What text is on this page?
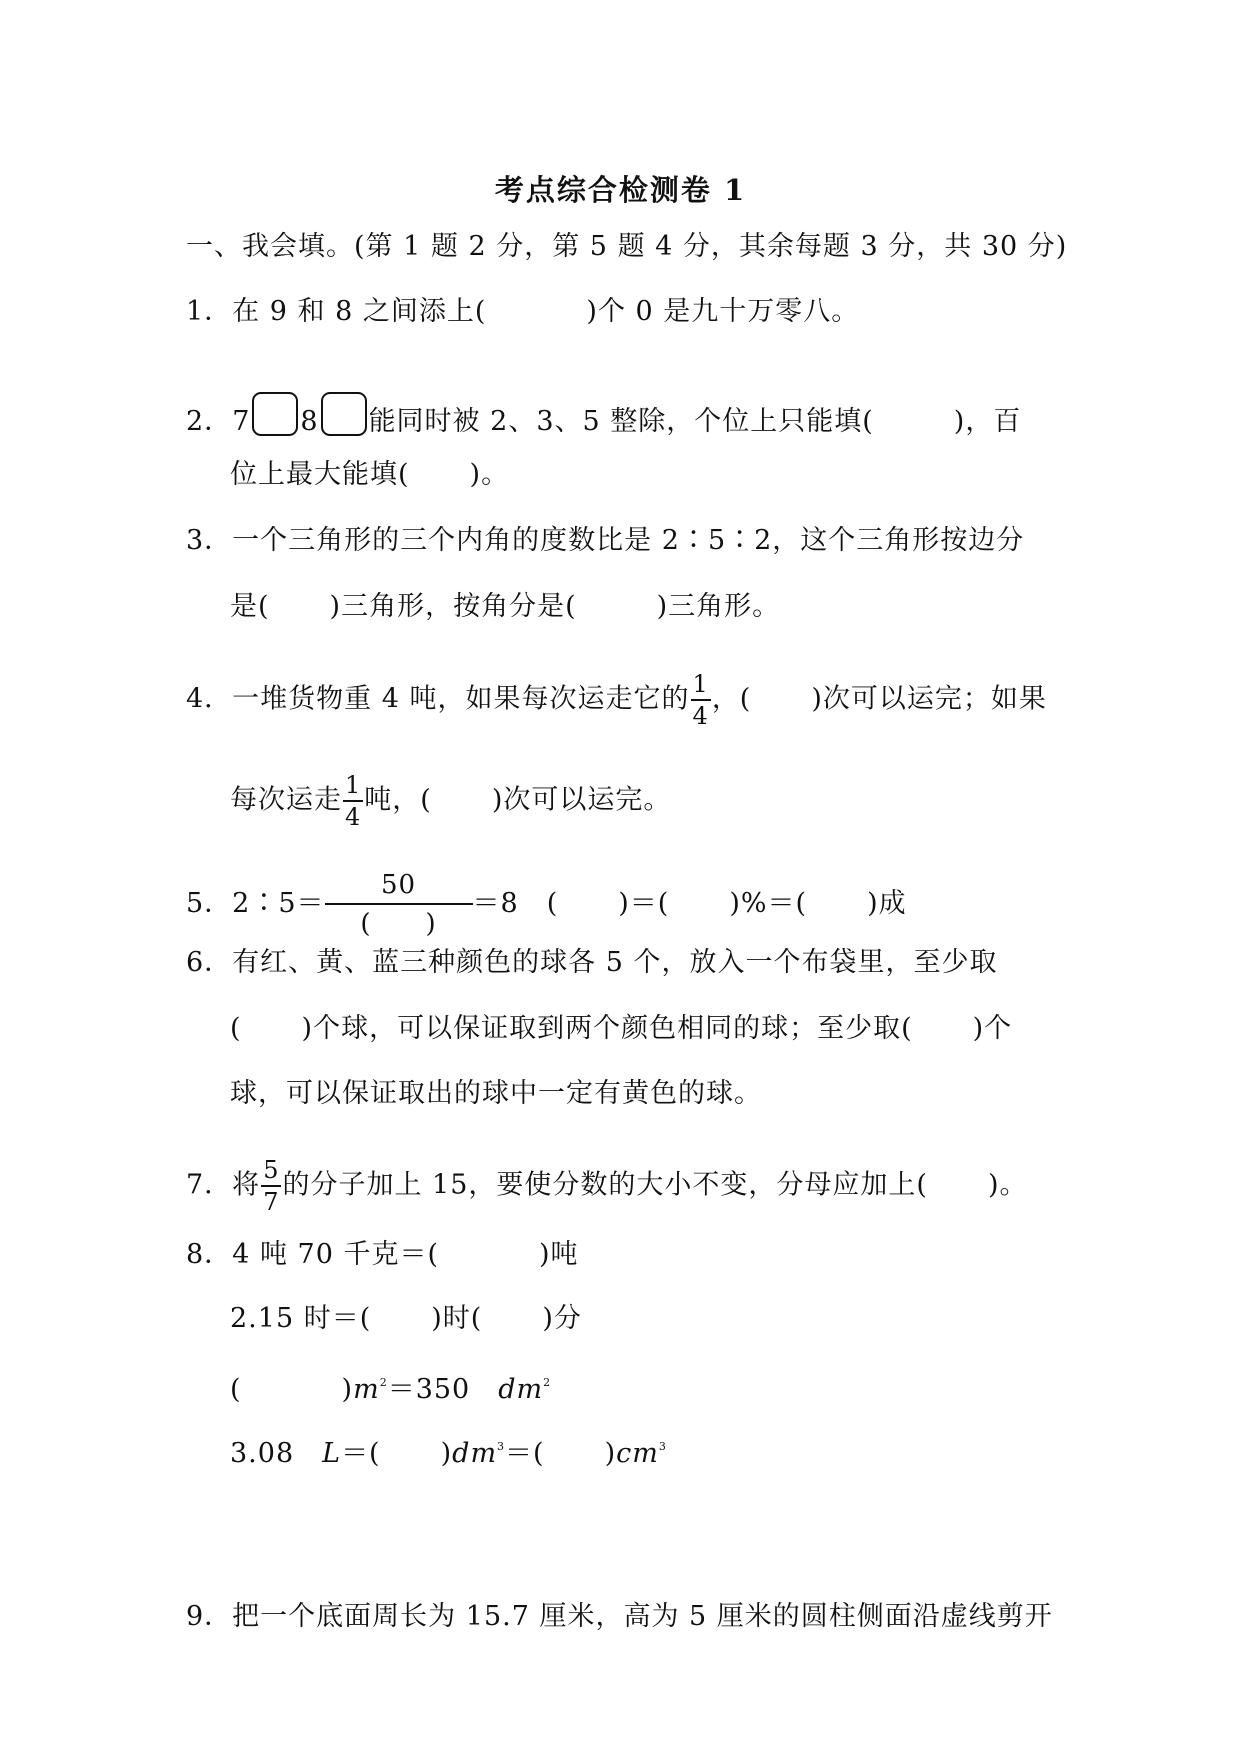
考点综合检测卷 1
一、我会填。(第 1 题 2 分，第 5 题 4 分，其余每题 3 分，共 30 分)
1．在 9 和 8 之间添上(	)个 0 是九十万零八。
2．7 8 能同时被 2、3、5 整除，个位上只能填(	)，百
位上最大能填( )。
3．一个三角形的三个内角的度数比是 2∶5∶2，这个三角形按边分
是( )三角形，按角分是(	)三角形。
4．一堆货物重 4 吨，如果每次运走它的 $\frac{1}{4}$ ，( )次可以运完；如果
每次运走 $\frac{1}{4}$ 吨，( )次可以运完。
5．2∶5＝ $\frac{50}{( )} =8$　( )＝( )%＝( )成
6．有红、黄、蓝三种颜色的球各 5 个，放入一个布袋里，至少取
( )个球，可以保证取到两个颜色相同的球；至少取( )个
球，可以保证取出的球中一定有黄色的球。
7．将 $\frac{5}{7}$ 的分子加上 15，要使分数的大小不变，分母应加上( )。
8．4 吨 70 千克＝(	)吨
2.15 时＝( )时( )分
(	)$m^2=350$　$dm^2$
3.08　L＝( )$dm^3=$( )$cm^3$
9．把一个底面周长为 15.7 厘米，高为 5 厘米的圆柱侧面沿虚线剪开
